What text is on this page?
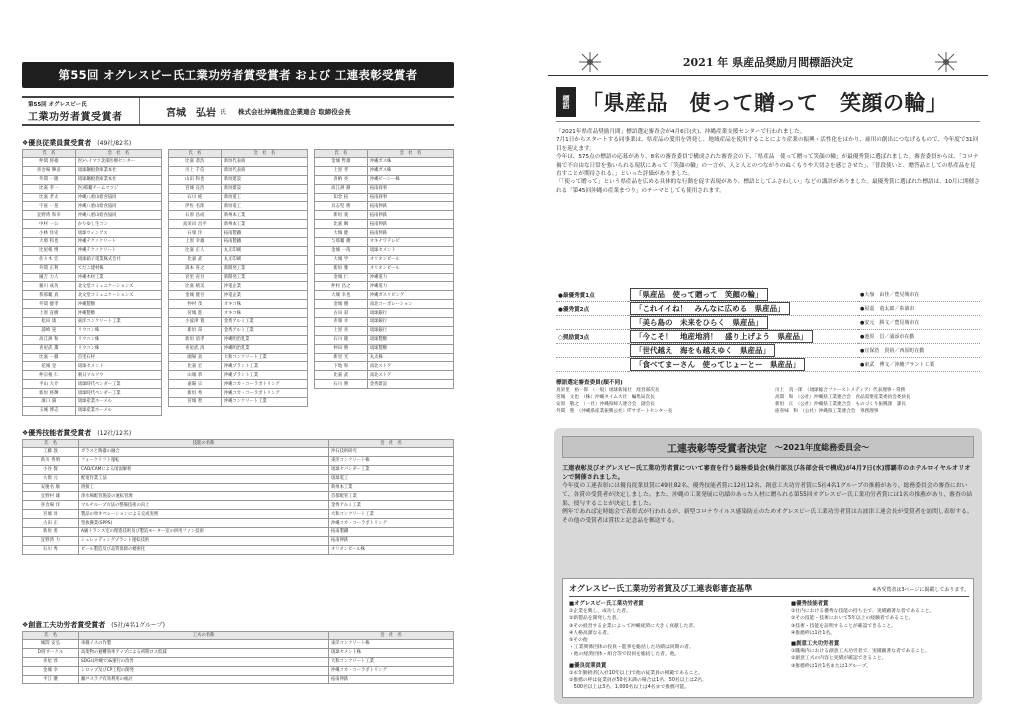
第55回 オグレスビー氏工業功労者賞受賞者 および 工連表彰受賞者
第55回 オグレスビー氏
工業功労者賞受賞者	宮城　弘岩 氏 株式会社沖縄物産企業連合 取締役会長
❖優良従業員賞受賞者 (49社/82名)
氏　名	会　社　名
仲間 将徳	医)ヘイマツ北部医療センター
喜舎場 輝彦	琉球鋼板倉庫業本社
外間 一隆	琉球鋼板倉庫業本社
比嘉 孝一	医)那覇チームツツジ
比嘉 孝太	沖縄八重山給食協同
宇座 一晃	沖縄八重山給食協同
宜野湾 和幸	沖縄八重山給食協同
中村 一公	かりゆし生コン
小林 洋史	琉球ウィングス
大嶺 和也	沖縄テクノクリート
比屋根 博	沖縄テクノクリート
佐々木 宏	琉球硝子電業株式会社
外間 正利	てだこ建材株
國吉 力人	沖縄木材工業
親川 成功	北文堂コミュニケーションズ
我那覇 真	北文堂コミュニケーションズ
外間 健孝	沖縄製糖
上原 直樹	沖縄製糖
松田 康	東洋コンクリート工業
浦崎 晃	リウコン株
高江洲 和	リウコン株
喜屋武 薫	リウコン株
比嘉 一徹	首里石材
花城 登	琉球セメント
仲宗根 仁	朝日マルソウ
平山 大介	琉球時代ペンダー工業
新垣 将輝	琉球時代ペンダー工業
濱口 満	琉球産業ホーメル
玉城 博志	琉球産業ホーメル
氏　名	会　社　名
比嘉 恭浩	新垣代表商
川上 千信	新垣代表商
山田 和也	新垣建設
宮城 良治	新垣建設
石川 純	新垣電工
伊佐 名郎	新垣電工
石原 昌成	新州本工業
真栄田 昌平	新州本工業
石嶺 洋	拓南製鐵
上原 幸雄	拓南製鐵
比嘉 正人	丸正印刷
比嘉 武	丸正印刷
嵩本 喜之	新開発工業
宮里 省吾	新開発工業
比嘉 晴美	沖電企業
金城 健吾	沖電企業
仲村 茂	オキコ株
宮城 進	オキコ株
小波津 寛	金秀アルミ工業
新垣 昂	金秀アルミ工業
新垣 清孝	沖縄明治乳業
喜屋武 清	沖縄明治乳業
國場 真	大和コンクリート工業
比嘉 宏	沖縄プラント工業
山城 恭	沖縄プラント工業
嘉陽 宗	沖縄コカ・コーラボトリング
新垣 秀	沖縄コカ・コーラボトリング
宮城 智	沖縄コンクリート工業
氏　名	会　社　名
金城 哲雄	沖縄ガス株
上原 孝	沖縄ガス株
喜納 亮	沖縄ビーシー株
高江洲 徹	拓南商事
知念 拓	拓南商事
具志堅 勝	拓南伸鉄
新垣 義	拓南伸鉄
比嘉 瞬	拓南伸鉄
大城 健	拓南伸鉄
与那覇 優	オキナワテレビ
金城 一哉	琉球セメント
大城 学	オリオンビール
新垣 雅	オリオンビール
金城 仁	沖縄電力
仲村 昌之	沖縄電力
大城 幸也	沖縄ガスリビング
金城 優	南北コーポレーション
古田 彩	琉球銀行
赤嶺 幸	琉球銀行
上原 亮	琉球銀行
石川 隆	琉球製糖
仲田 勝	琉球製糖
新里 光	丸太株
下地 和	南北ストア
比嘉 武	南北ストア
石川 勝	金秀建設
❖優秀技能者賞受賞者 (12社/12名)
氏　名	技能の名称	会　社　名
工藤 敦	ガラスと陶器の融合	沖石技術研究
新川 秀明	フォークリフト運転	東洋コンクリート株
小谷 賢	CAD/CAMによる図面解析	琉球セパンダー工業
大嶺 元	配電作業工法	琉球電工
安慶名 敏	溶接工	新州本工業
宜野村 雄	浄水場配管施設の運転管理	首都配管工業
喜舎場 洋	マルチループ方法の整備技術の向上	金秀アルミ工業
宮城 昇	製品の単オペレーションによる完成実務	大和コンクリート工業
古田 正	型抜操業(SPPS)	沖縄コカ・コーラボトリング
新垣 勇	A級トランス室の理進技術及び製造モーター室の併用ファン技術	拓南製鐵
宜野湾 力	シュレッディングプラント運転技術	拓南伸鉄
石川 秀	ビール製造及び品質保障の精密化	オリオンビール株
❖創意工夫功労者賞受賞者 (5社/4名1グループ)
氏　名	工夫の名称	会　社　名
城間 安弘	車載イスの作製	東洋コンクリート株
D班サークル	高架物の避難効率アップによる初期ロス低減	琉球セメント株
喜屋 淳	SDGs(沖縄で)&運行の改善	大和コンクリート工業
金城 幸	シロップ及びCP工程の開発	沖縄コカ・コーラボトリング
平江 優	瀬戸スラグ有効利用の検討	拓南伸鉄
2021 年 県産品奨励月間標語決定
標語 「県産品　使って贈って　笑顔の輪」

「2021年県産品奨励月間」標語選定審査会が4月6日(火)、沖縄産業支援センターで行われました。

7月1日からスタートする同事業は、県産品の愛用を啓発し、地域産品を使用することにより産業の振興・活性化をはかり、雇用の創出につなげるもので、今年度で31回目を迎えます。

今年は、575点の標語の応募があり、8名の審査委員で構成された審査会の下、「県産品　使って贈って笑顔の輪」が最優秀賞に選ばれました。審査委員からは、「コロナ禍で不自由な日常を強いられる現状にあって「笑顔の輪」の一言が、人と人とのつながりのぬくもりや大切さを感じさせた」、「普段使いと、贈答品としての県産品を見直すことが期待される。」といった評価がありました。

「「使って贈って」という県産品を広める具体的な行動を促す表現があり、標語としてふさわしい」などの講評がありました。最優秀賞に選ばれた標語は、10月に開催される「第45回沖縄の産業まつり」のテーマとしても使用されます。

●最優秀賞1点	「県産品　使って贈って　笑顔の輪」	●大嶺　由佳／豊見城市在
●優秀賞2点	「これイイね！　みんなに広める　県産品」	●屋嘉　竜太郎／糸満市
	「美ら島の　未来をひらく　県産品」	●安元　勝文／豊見城市在
○奨励賞3点	「今こそ！　地産地消！　盛り上げよう　県産品」	●池原　昌／浦添市在勤
	「世代越え　海をも越えゆく　県産品」	●宜保浩　貴裕／西原町在勤
	「食べてまーさん　使ってじょーとー　県産品」	●東武　博文／沖縄プラント工業
標語選定審査委員(順不同)
真栄里　裕一郎　（一般）琉球新報社　経営部次長	川上　真一郎　（琉球総合ファーストメディア）代表理事・常務
宮城　文也　（株）沖縄タイムス社　編集局次長	高間　和　（公社）沖縄県工業連合会　食品需要産業委員会委員長
安原　敬之　（一社）沖縄県婦人連合会　副会長	新垣　正　（公社）沖縄県工業連合会　ものづくり振興課　課長
外間　聖　（沖縄県産業振興公社）ITサポートセンター長	座喜味　和　（公社）沖縄県工業連合会　専務理事
工連表彰等受賞者決定 ～2021年度総務委員会～

工連表彰及びオグレスビー氏工業功労者賞について審査を行う総務委員会(執行部及び各部会長で構成)が4月7日(水)那覇市のホテルロイヤルオリオンで開催されました。

今年度の工連表彰には優良従業員賞に49社82名、優秀技能者賞に12社12名、創意工夫功労者賞に5社4名1グループの推薦があり、総務委員会の審査において、各賞の受賞者が決定しました。また、沖縄の工業発展に功績のあった人材に贈られる第55回オグレスビー氏工業功労者賞には1名の推薦があり、審査の結果、授与することが決定しました。

例年であれば定時総会で表彰式が行われるが、新型コロナウイルス感染防止のためオグレスビー氏工業功労者賞は古波津工連会長が受賞者を訪問し表彰する。その他の受賞者は賞状と記念品を郵送する。

オグレスビー氏工業功労者賞及び工連表彰審査基準	※各受賞者は3ページに掲載しております。
■オグレスビー氏工業功労者賞
①企業を興し、成功した者。
②新製品を開発した者。
③その経営する企業によって沖縄経済に大きく貢献した者。
④人格高潔なる者。
⑤その他
・工業関係団体の役員・監事を総括した功績は同期の者。
・他の経済団体・組合等で役員を総括した者。他。
■優良従業員賞
①永年勤続者(入社10年以上)で他の従業員の模範であること。
②推薦の枠は従業員が50名未満の場合は1名、50名以上は2名、
　500名以上は3名、1,000名以上は4名まで推薦可能。
■優秀技能者賞
①社内における優秀な技能の持ち主で、実績顕著な者であること。
②その技能・技術において5年以上の経験者であること。
③技術・技能を証明することが確認できること。
④推薦枠は1社1名。
■創意工夫功労者賞
①職場内における創意工夫功労者で、実績顕著な者であること。
②創意工夫の内容と実績が確認できること。
③推薦枠は1社1名または1グループ。
